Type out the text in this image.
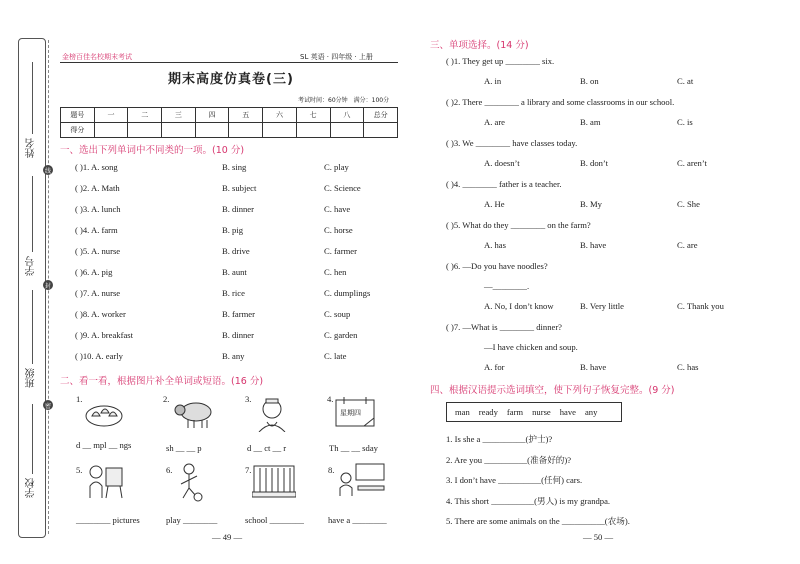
姓名
学号
班级
学校
线
封
密
金榜百佳名校期末考试	SL 英语 · 四年级 · 上册
期末高度仿真卷(三)
考试时间：60分钟　满分：100分
题号	一	二	三	四	五	六	七	八	总分
得分									
一、选出下列单词中不同类的一项。(10 分)
( )1. A. song	B. sing	C. play
( )2. A. Math	B. subject	C. Science
( )3. A. lunch	B. dinner	C. have
( )4. A. farm	B. pig	C. horse
( )5. A. nurse	B. drive	C. farmer
( )6. A. pig	B. aunt	C. hen
( )7. A. nurse	B. rice	C. dumplings
( )8. A. worker	B. farmer	C. soup
( )9. A. breakfast	B. dinner	C. garden
( )10. A. early	B. any	C. late
二、看一看，根据图片补全单词或短语。(16 分)
1.	2.	3.	4.
星期四
d __ mpl __ ngs	sh __ __ p	d __ ct __ r	Th __ __ sday
5.	6.	7.	8.
________ pictures	play ________	school ________	have a ________
— 49 —
三、单项选择。(14 分)
( )1. They get up ________ six.
A. in	B. on	C. at
( )2. There ________ a library and some classrooms in our school.
A. are	B. am	C. is
( )3. We ________ have classes today.
A. doesn’t	B. don’t	C. aren’t
( )4. ________ father is a teacher.
A. He	B. My	C. She
( )5. What do they ________ on the farm?
A. has	B. have	C. are
( )6. —Do you have noodles?
—________.
A. No, I don’t know	B. Very little	C. Thank you
( )7. —What is ________ dinner?
—I have chicken and soup.
A. for	B. have	C. has
四、根据汉语提示选词填空，使下列句子恢复完整。(9 分)
man ready farm nurse have any
1. Is she a __________(护士)?
2. Are you __________(准备好的)?
3. I don’t have __________(任何) cars.
4. This short __________(男人) is my grandpa.
5. There are some animals on the __________(农场).
— 50 —
